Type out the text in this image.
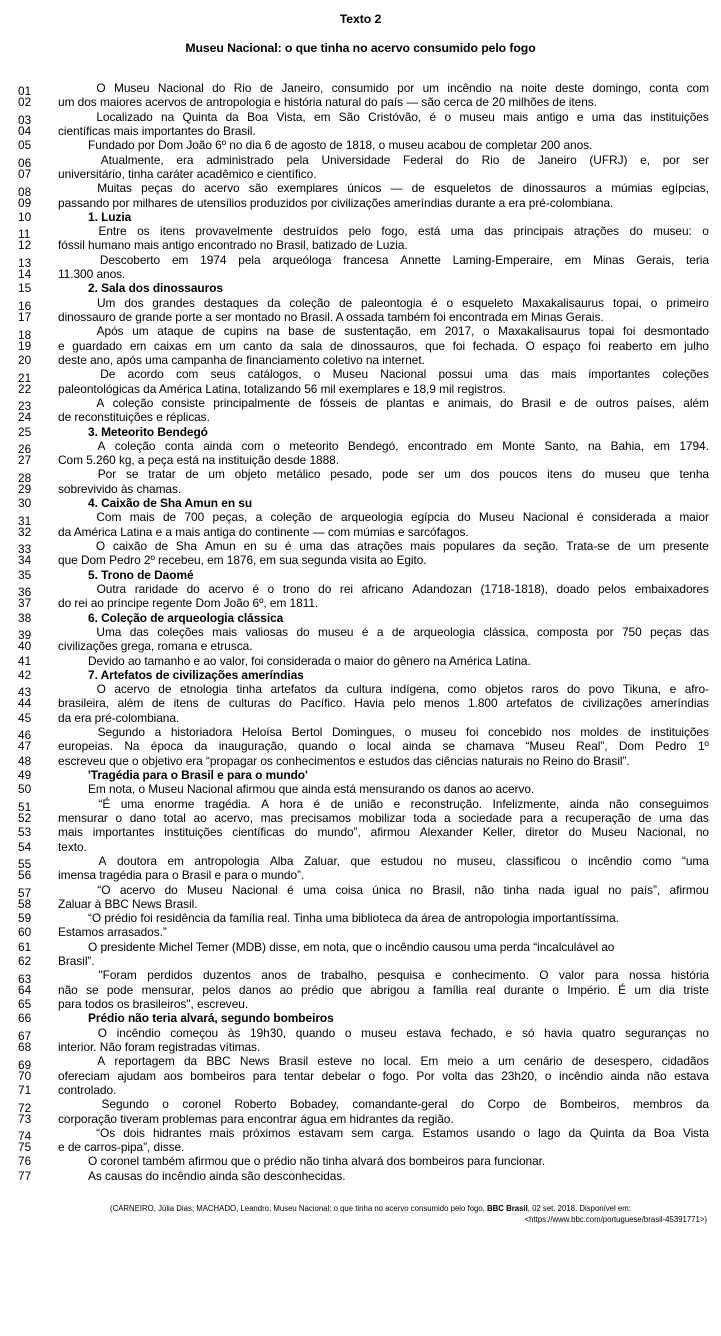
Texto 2
Museu Nacional: o que tinha no acervo consumido pelo fogo
01	O Museu Nacional do Rio de Janeiro, consumido por um incêndio na noite deste domingo, conta com
02	um dos maiores acervos de antropologia e história natural do país — são cerca de 20 milhões de itens.
03	Localizado na Quinta da Boa Vista, em São Cristóvão, é o museu mais antigo e uma das instituições
04	científicas mais importantes do Brasil.
05	Fundado por Dom João 6º no dia 6 de agosto de 1818, o museu acabou de completar 200 anos.
06	Atualmente, era administrado pela Universidade Federal do Rio de Janeiro (UFRJ) e, por ser
07	universitário, tinha caráter acadêmico e científico.
08	Muitas peças do acervo são exemplares únicos — de esqueletos de dinossauros a múmias egípcias,
09	passando por milhares de utensílios produzidos por civilizações ameríndias durante a era pré-colombiana.
10	1. Luzia
11	Entre os itens provavelmente destruídos pelo fogo, está uma das principais atrações do museu: o
12	fóssil humano mais antigo encontrado no Brasil, batizado de Luzia.
13	Descoberto em 1974 pela arqueóloga francesa Annette Laming-Emperaire, em Minas Gerais, teria
14	11.300 anos.
15	2. Sala dos dinossauros
16	Um dos grandes destaques da coleção de paleontogia é o esqueleto Maxakalisaurus topai, o primeiro
17	dinossauro de grande porte a ser montado no Brasil. A ossada também foi encontrada em Minas Gerais.
18	Após um ataque de cupins na base de sustentação, em 2017, o Maxakalisaurus topai foi desmontado
19	e guardado em caixas em um canto da sala de dinossauros, que foi fechada. O espaço foi reaberto em julho
20	deste ano, após uma campanha de financiamento coletivo na internet.
21	De acordo com seus catálogos, o Museu Nacional possui uma das mais importantes coleções
22	paleontológicas da América Latina, totalizando 56 mil exemplares e 18,9 mil registros.
23	A coleção consiste principalmente de fósseis de plantas e animais, do Brasil e de outros países, além
24	de reconstituições e réplicas.
25	3. Meteorito Bendegó
26	A coleção conta ainda com o meteorito Bendegó, encontrado em Monte Santo, na Bahia, em 1794.
27	Com 5.260 kg, a peça está na instituição desde 1888.
28	Por se tratar de um objeto metálico pesado, pode ser um dos poucos itens do museu que tenha
29	sobrevivido às chamas.
30	4. Caixão de Sha Amun en su
31	Com mais de 700 peças, a coleção de arqueologia egípcia do Museu Nacional é considerada a maior
32	da América Latina e a mais antiga do continente — com múmias e sarcófagos.
33	O caixão de Sha Amun en su é uma das atrações mais populares da seção. Trata-se de um presente
34	que Dom Pedro 2º recebeu, em 1876, em sua segunda visita ao Egito.
35	5. Trono de Daomé
36	Outra raridade do acervo é o trono do rei africano Adandozan (1718-1818), doado pelos embaixadores
37	do rei ao príncipe regente Dom João 6º, em 1811.
38	6. Coleção de arqueologia clássica
39	Uma das coleções mais valiosas do museu é a de arqueologia clássica, composta por 750 peças das
40	civilizações grega, romana e etrusca.
41	Devido ao tamanho e ao valor, foi considerada o maior do gênero na América Latina.
42	7. Artefatos de civilizações ameríndias
43	O acervo de etnologia tinha artefatos da cultura indígena, como objetos raros do povo Tikuna, e afro-
44	brasileira, além de itens de culturas do Pacífico. Havia pelo menos 1.800 artefatos de civilizações ameríndias
45	da era pré-colombiana.
46	Segundo a historiadora Heloísa Bertol Domingues, o museu foi concebido nos moldes de instituições
47	europeias. Na época da inauguração, quando o local ainda se chamava “Museu Real”, Dom Pedro 1º
48	escreveu que o objetivo era “propagar os conhecimentos e estudos das ciências naturais no Reino do Brasil”.
49	'Tragédia para o Brasil e para o mundo'
50	Em nota, o Museu Nacional afirmou que ainda está mensurando os danos ao acervo.
51	“É uma enorme tragédia. A hora é de união e reconstrução. Infelizmente, ainda não conseguimos
52	mensurar o dano total ao acervo, mas precisamos mobilizar toda a sociedade para a recuperação de uma das
53	mais importantes instituições científicas do mundo”, afirmou Alexander Keller, diretor do Museu Nacional, no
54	texto.
55	A doutora em antropologia Alba Zaluar, que estudou no museu, classificou o incêndio como “uma
56	imensa tragédia para o Brasil e para o mundo”.
57	“O acervo do Museu Nacional é uma coisa única no Brasil, não tinha nada igual no país”, afirmou
58	Zaluar à BBC News Brasil.
59	“O prédio foi residência da família real. Tinha uma biblioteca da área de antropologia importantíssima.
60	Estamos arrasados.”
61	O presidente Michel Temer (MDB) disse, em nota, que o incêndio causou uma perda “incalculável ao
62	Brasil”.
63	"Foram perdidos duzentos anos de trabalho, pesquisa e conhecimento. O valor para nossa história
64	não se pode mensurar, pelos danos ao prédio que abrigou a família real durante o Império. É um dia triste
65	para todos os brasileiros", escreveu.
66	Prédio não teria alvará, segundo bombeiros
67	O incêndio começou às 19h30, quando o museu estava fechado, e só havia quatro seguranças no
68	interior. Não foram registradas vítimas.
69	A reportagem da BBC News Brasil esteve no local. Em meio a um cenário de desespero, cidadãos
70	ofereciam ajudam aos bombeiros para tentar debelar o fogo. Por volta das 23h20, o incêndio ainda não estava
71	controlado.
72	Segundo o coronel Roberto Bobadey, comandante-geral do Corpo de Bombeiros, membros da
73	corporação tiveram problemas para encontrar água em hidrantes da região.
74	“Os dois hidrantes mais próximos estavam sem carga. Estamos usando o lago da Quinta da Boa Vista
75	e de carros-pipa”, disse.
76	O coronel também afirmou que o prédio não tinha alvará dos bombeiros para funcionar.
77	As causas do incêndio ainda são desconhecidas.
(CARNEIRO, Júlia Dias; MACHADO, Leandro. Museu Nacional: o que tinha no acervo consumido pelo fogo, BBC Brasil, 02 set. 2018. Disponível em:
<https://www.bbc.com/portuguese/brasil-45391771>)
